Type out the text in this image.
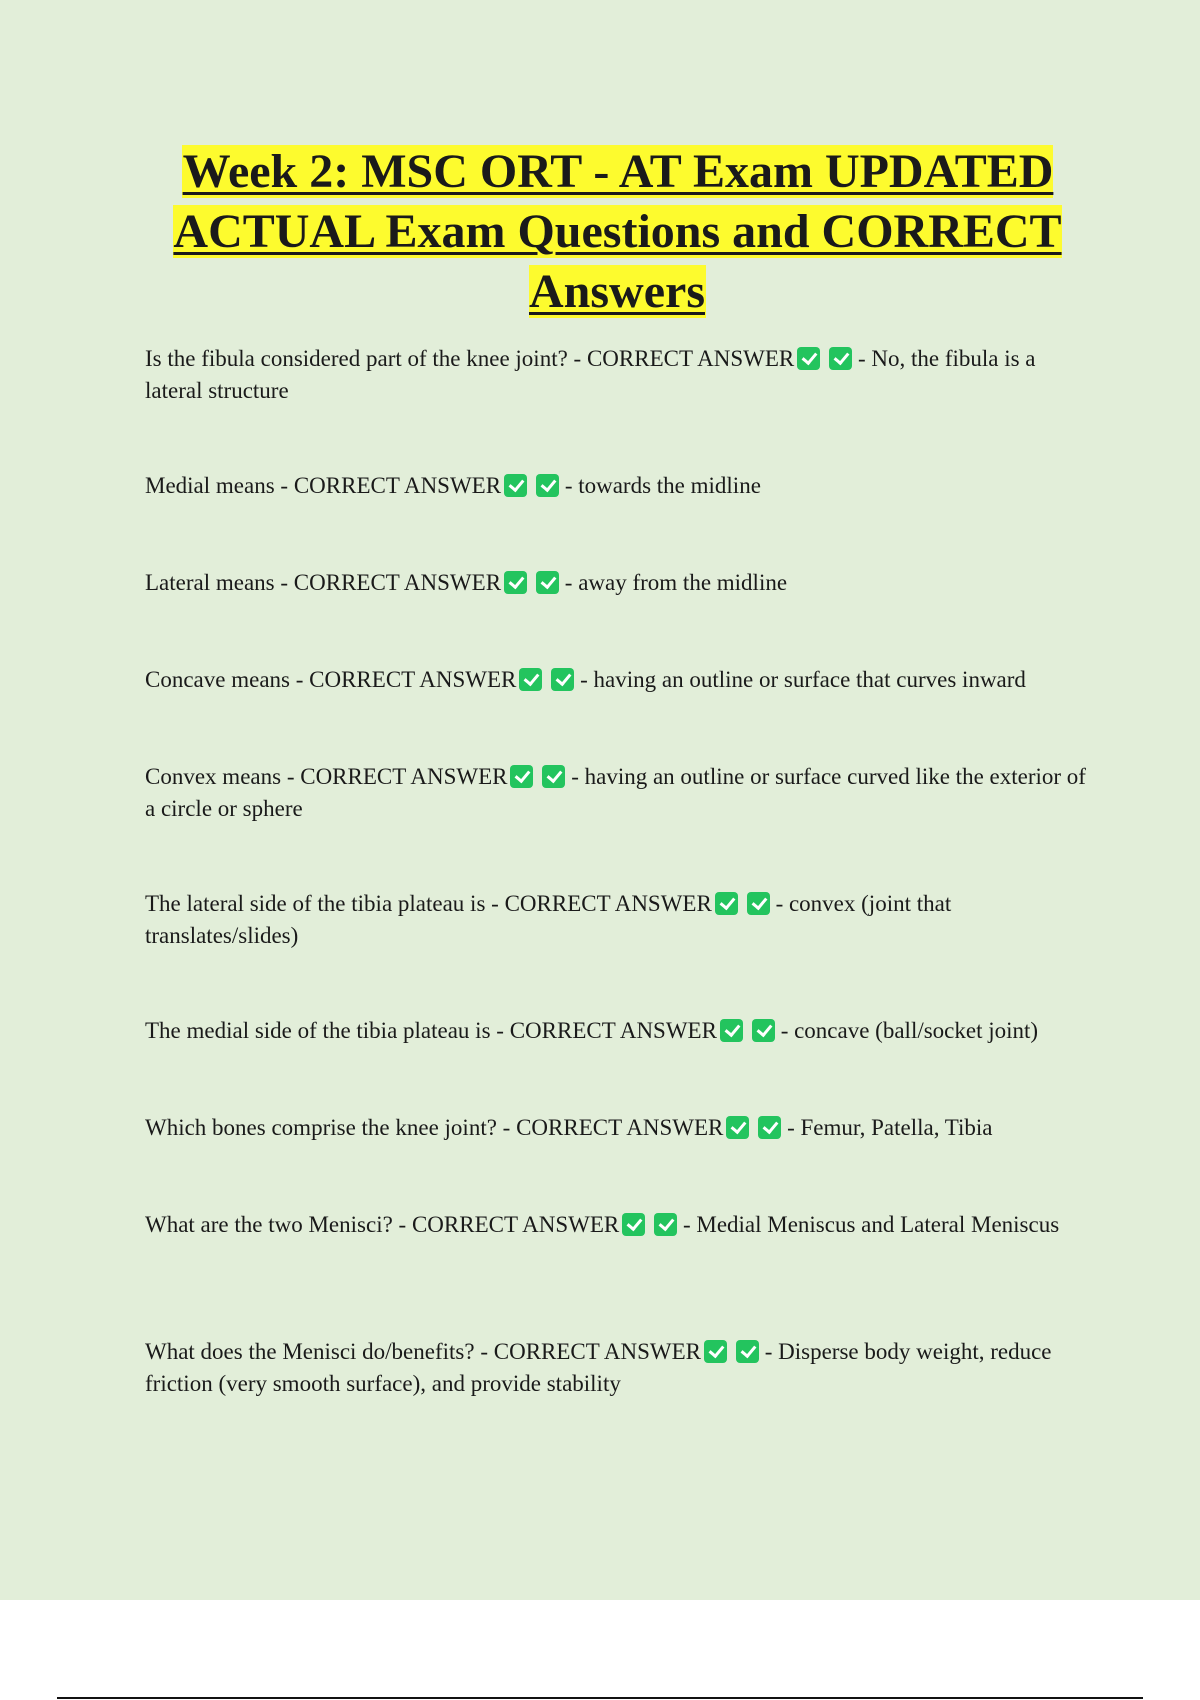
Week 2: MSC ORT - AT Exam UPDATED ACTUAL Exam Questions and CORRECT Answers
Is the fibula considered part of the knee joint? - CORRECT ANSWER	- No, the fibula is a lateral structure
Medial means - CORRECT ANSWER	- towards the midline
Lateral means - CORRECT ANSWER	- away from the midline
Concave means - CORRECT ANSWER	- having an outline or surface that curves inward
Convex means - CORRECT ANSWER	- having an outline or surface curved like the exterior of a circle or sphere
The lateral side of the tibia plateau is - CORRECT ANSWER	- convex (joint that translates/slides)
The medial side of the tibia plateau is - CORRECT ANSWER	- concave (ball/socket joint)
Which bones comprise the knee joint? - CORRECT ANSWER	- Femur, Patella, Tibia
What are the two Menisci? - CORRECT ANSWER	- Medial Meniscus and Lateral Meniscus
What does the Menisci do/benefits? - CORRECT ANSWER	- Disperse body weight, reduce friction (very smooth surface), and provide stability
